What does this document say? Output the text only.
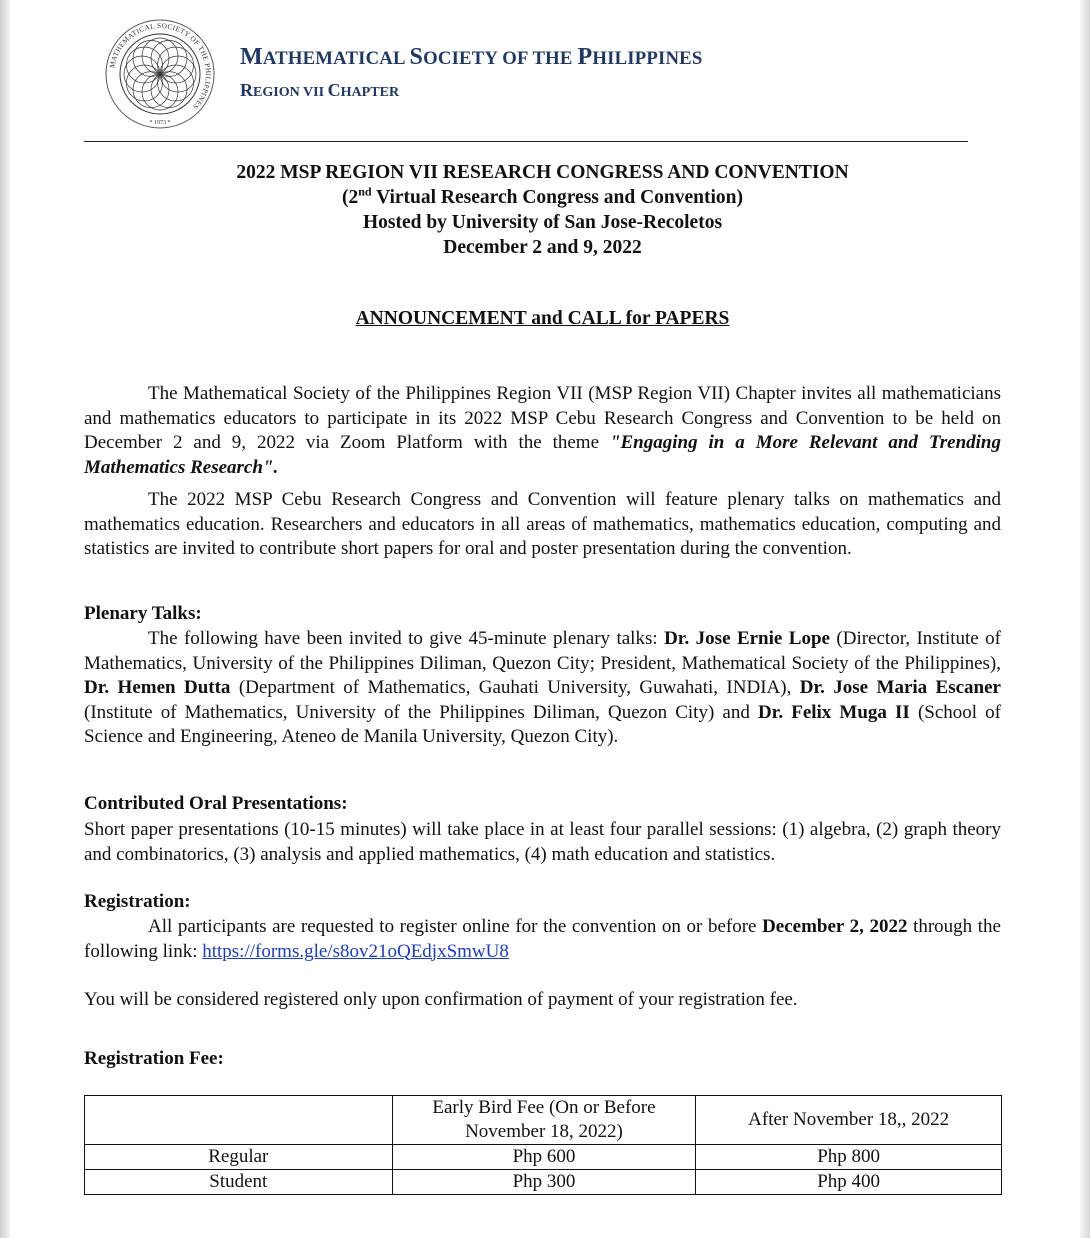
MATHEMATICAL SOCIETY OF THE PHILIPPINES
* 1973 *
MATHEMATICAL SOCIETY OF THE PHILIPPINES
REGION VII CHAPTER
2022 MSP REGION VII RESEARCH CONGRESS AND CONVENTION
(2nd Virtual Research Congress and Convention)
Hosted by University of San Jose-Recoletos
December 2 and 9, 2022
ANNOUNCEMENT and CALL for PAPERS

The Mathematical Society of the Philippines Region VII (MSP Region VII) Chapter invites all mathematicians and mathematics educators to participate in its 2022 MSP Cebu Research Congress and Convention to be held on December 2 and 9, 2022 via Zoom Platform with the theme "Engaging in a More Relevant and Trending Mathematics Research".

The 2022 MSP Cebu Research Congress and Convention will feature plenary talks on mathematics and mathematics education. Researchers and educators in all areas of mathematics, mathematics education, computing and statistics are invited to contribute short papers for oral and poster presentation during the convention.

Plenary Talks:

The following have been invited to give 45-minute plenary talks: Dr. Jose Ernie Lope (Director, Institute of Mathematics, University of the Philippines Diliman, Quezon City; President, Mathematical Society of the Philippines), Dr. Hemen Dutta (Department of Mathematics, Gauhati University, Guwahati, INDIA), Dr. Jose Maria Escaner (Institute of Mathematics, University of the Philippines Diliman, Quezon City) and Dr. Felix Muga II (School of Science and Engineering, Ateneo de Manila University, Quezon City).

Contributed Oral Presentations:

Short paper presentations (10-15 minutes) will take place in at least four parallel sessions: (1) algebra, (2) graph theory and combinatorics, (3) analysis and applied mathematics, (4) math education and statistics.

Registration:

All participants are requested to register online for the convention on or before December 2, 2022 through the following link: https://forms.gle/s8ov21oQEdjxSmwU8

You will be considered registered only upon confirmation of payment of your registration fee.

Registration Fee:
	Early Bird Fee (On or Before November 18, 2022)	After November 18,, 2022
Regular	Php 600	Php 800
Student	Php 300	Php 400
